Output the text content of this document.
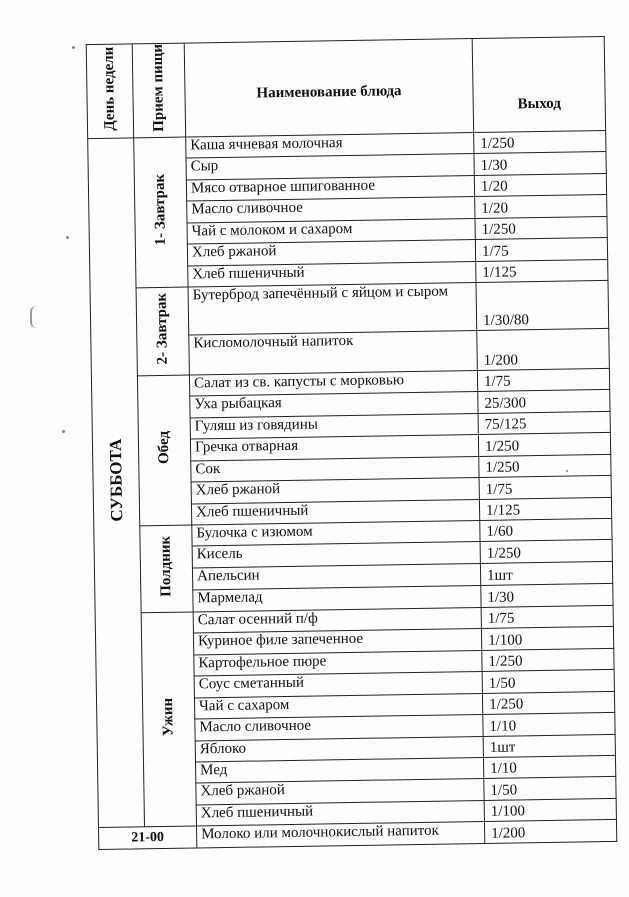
День недели	Прием пищи	Наименование блюда	Выход
СУББОТА	1- Завтрак	Каша ячневая молочная	1/250
		Сыр	1/30
		Мясо отварное шпигованное	1/20
		Масло сливочное	1/20
		Чай с молоком и сахаром	1/250
		Хлеб ржаной	1/75
		Хлеб пшеничный	1/125
	2- Завтрак	Бутерброд запечённый с яйцом и сыром	1/30/80
		Кисломолочный напиток	1/200
	Обед	Салат из св. капусты с морковью	1/75
		Уха рыбацкая	25/300
		Гуляш из говядины	75/125
		Гречка отварная	1/250
		Сок	1/250
		Хлеб ржаной	1/75
		Хлеб пшеничный	1/125
	Полдник	Булочка с изюмом	1/60
		Кисель	1/250
		Апельсин	1шт
		Мармелад	1/30
	Ужин	Салат осенний п/ф	1/75
		Куриное филе запеченное	1/100
		Картофельное пюре	1/250
		Соус сметанный	1/50
		Чай с сахаром	1/250
		Масло сливочное	1/10
		Яблоко	1шт
		Мед	1/10
		Хлеб ржаной	1/50
		Хлеб пшеничный	1/100
21-00		Молоко или молочнокислый напиток	1/200
